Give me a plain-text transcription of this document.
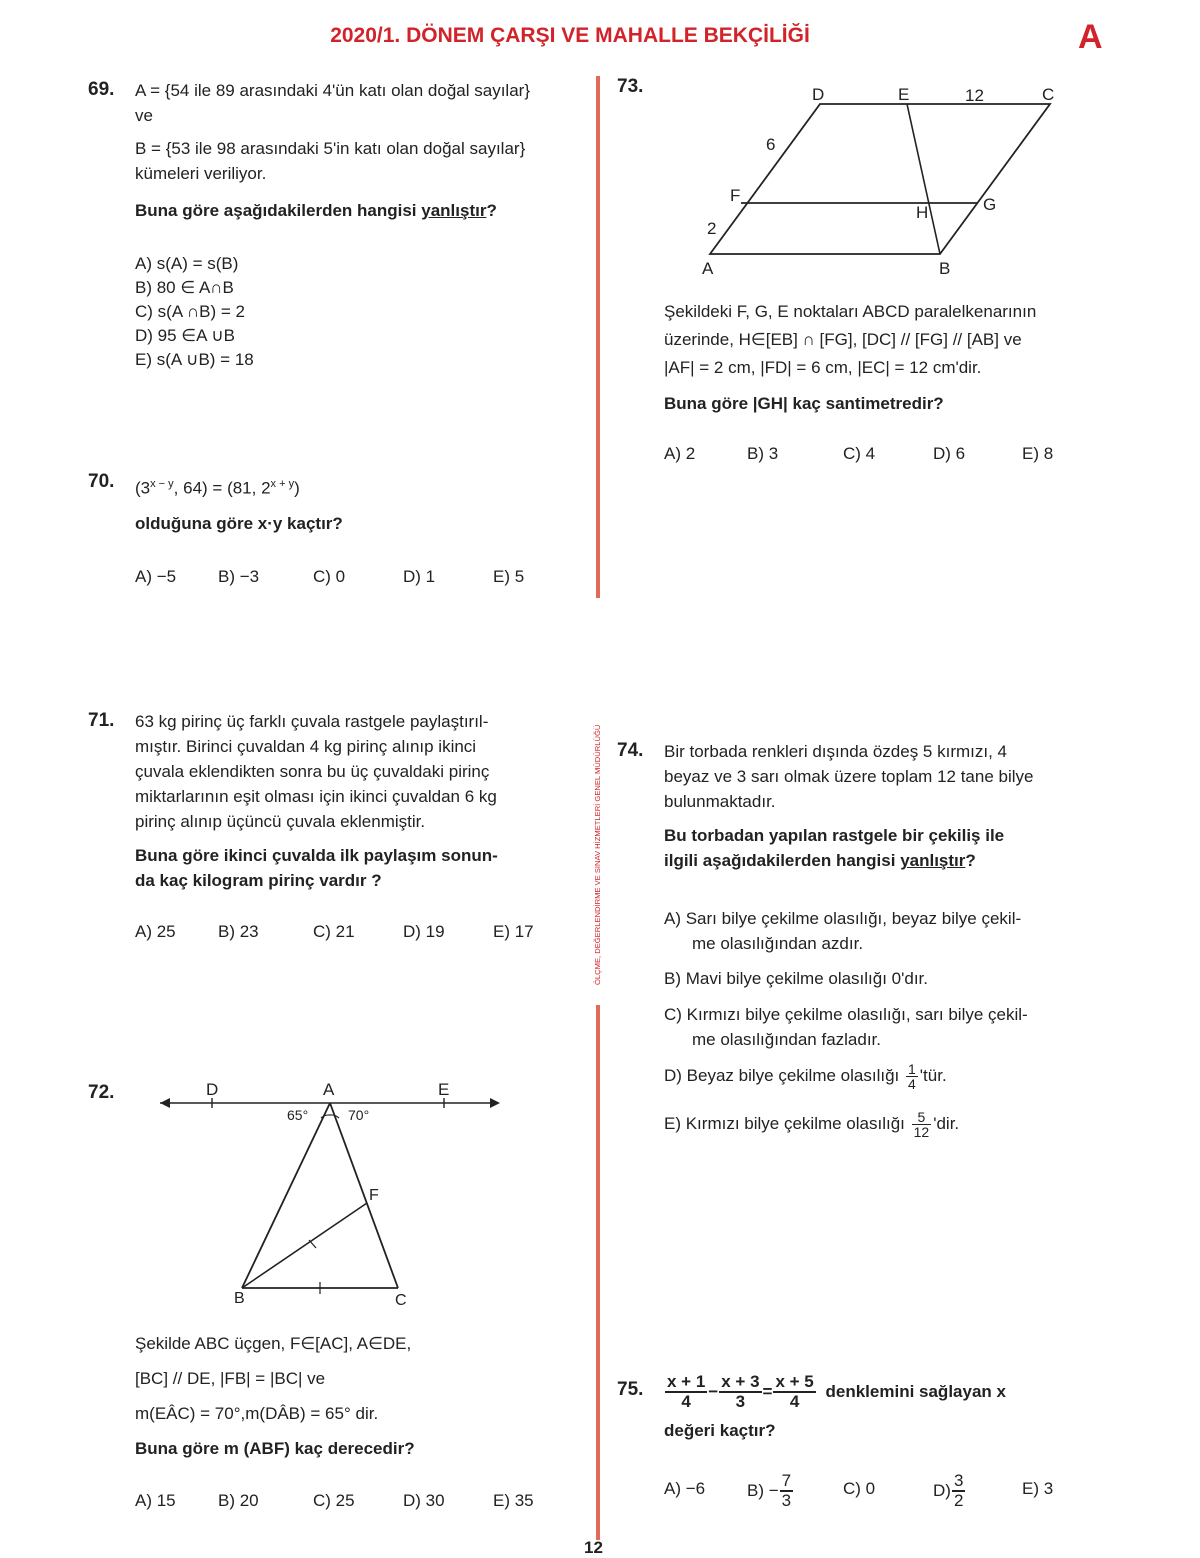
2020/1. DÖNEM ÇARŞI VE MAHALLE BEKÇİLİĞİ	A
ÖLÇME, DEĞERLENDİRME VE SINAV HİZMETLERİ GENEL MÜDÜRLÜĞÜ
69. A = {54 ile 89 arasındaki 4'ün katı olan doğal sayılar}
ve
B = {53 ile 98 arasındaki 5'in katı olan doğal sayılar}
kümeleri veriliyor.
Buna göre aşağıdakilerden hangisi yanlıştır?
A) s(A) = s(B)
B) 80 ∈ A∩B
C) s(A ∩B) = 2
D) 95 ∈A ∪B
E) s(A ∪B) = 18
70. ($3^{x - y}$, 64) = (81, $2^{x + y}$)
olduğuna göre x·y kaçtır?
A) −5 B) −3	C) 0	D) 1	E) 5
71. 63 kg pirinç üç farklı çuvala rastgele paylaştırıl-
mıştır. Birinci çuvaldan 4 kg pirinç alınıp ikinci
çuvala eklendikten sonra bu üç çuvaldaki pirinç
miktarlarının eşit olması için ikinci çuvaldan 6 kg
pirinç alınıp üçüncü çuvala eklenmiştir.
Buna göre ikinci çuvalda ilk paylaşım sonun-
da kaç kilogram pirinç vardır ?
A) 25 B) 23	C) 21	D) 19	E) 17
72.	D	A	E
65°	70°
F
B	C
Şekilde ABC üçgen, F∈[AC], A∈DE,
[BC] // DE, |FB| = |BC| ve
m(EÂC) = 70°,m(DÂB) = 65° dir.
Buna göre m (ABF) kaç derecedir?
A) 15 B) 20	C) 25	D) 30	E) 35
73.	D	E	12	C
6
F
H	G
2
A	B
Şekildeki F, G, E noktaları ABCD paralelkenarının
üzerinde, H∈[EB] ∩ [FG], [DC] // [FG] // [AB] ve
|AF| = 2 cm, |FD| = 6 cm, |EC| = 12 cm'dir.
Buna göre |GH| kaç santimetredir?
A) 2	B) 3	C) 4	D) 6	E) 8
74. Bir torbada renkleri dışında özdeş 5 kırmızı, 4
beyaz ve 3 sarı olmak üzere toplam 12 tane bilye
bulunmaktadır.
Bu torbadan yapılan rastgele bir çekiliş ile
ilgili aşağıdakilerden hangisi yanlıştır?
A) Sarı bilye çekilme olasılığı, beyaz bilye çekil-
me olasılığından azdır.
B) Mavi bilye çekilme olasılığı 0'dır.
C) Kırmızı bilye çekilme olasılığı, sarı bilye çekil-
me olasılığından fazladır.
D) Beyaz bilye çekilme olasılığı $\frac{1}{4}$ 'tür.
E) Kırmızı bilye çekilme olasılığı $\frac{5}{12}$ 'dir.
75. $\frac{x + 1}{4} - \frac{x + 3}{3} = \frac{x + 5}{4}$ denklemini sağlayan x
değeri kaçtır?
A) −6 $B) - \frac{7}{3}$	C) 0	$D) \frac{3}{2}$	E) 3
12
